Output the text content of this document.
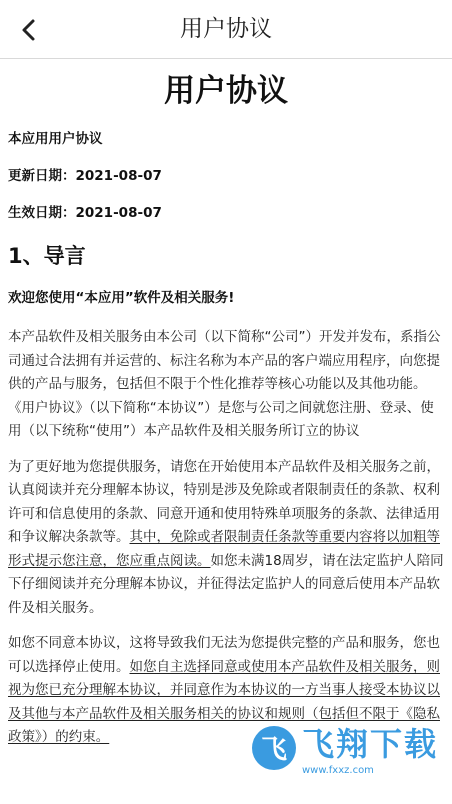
用户协议
用户协议
本应用用户协议
更新日期：2021-08-07
生效日期：2021-08-07
1、导言
欢迎您使用“本应用”软件及相关服务!
本产品软件及相关服务由本公司（以下简称“公司”）开发并发布，系指公司通过合法拥有并运营的、标注名称为本产品的客户端应用程序，向您提供的产品与服务，包括但不限于个性化推荐等核心功能以及其他功能。《用户协议》（以下简称“本协议”）是您与公司之间就您注册、登录、使用（以下统称“使用”）本产品软件及相关服务所订立的协议
为了更好地为您提供服务，请您在开始使用本产品软件及相关服务之前，认真阅读并充分理解本协议，特别是涉及免除或者限制责任的条款、权利许可和信息使用的条款、同意开通和使用特殊单项服务的条款、法律适用和争议解决条款等。其中，免除或者限制责任条款等重要内容将以加粗等形式提示您注意，您应重点阅读。如您未满18周岁，请在法定监护人陪同下仔细阅读并充分理解本协议，并征得法定监护人的同意后使用本产品软件及相关服务。
如您不同意本协议，这将导致我们无法为您提供完整的产品和服务，您也可以选择停止使用。如您自主选择同意或使用本产品软件及相关服务，则视为您已充分理解本协议，并同意作为本协议的一方当事人接受本协议以及其他与本产品软件及相关服务相关的协议和规则（包括但不限于《隐私政策》）的约束。	飞 飞翔下载
www.fxxz.com
